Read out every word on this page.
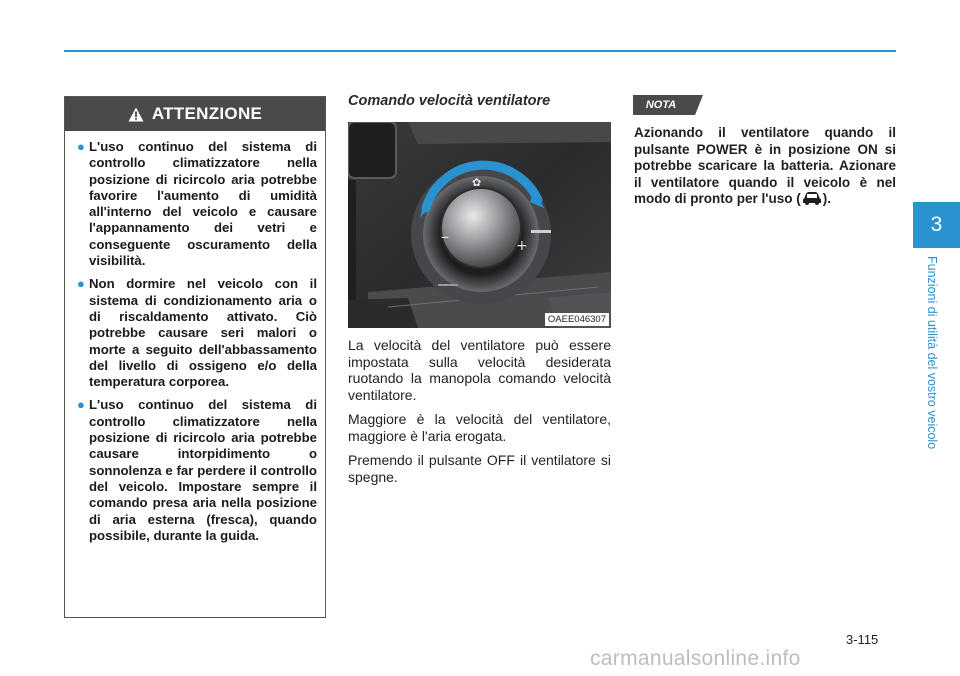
ATTENZIONE
● L'uso continuo del sistema di controllo climatizzatore nella posizione di ricircolo aria potrebbe favorire l'aumento di umidità all'interno del veicolo e causare l'appannamento dei vetri e conseguente oscuramento della visibilità.
● Non dormire nel veicolo con il sistema di condizionamento aria o di riscaldamento attivato. Ciò potrebbe causare seri malori o morte a seguito dell'abbassamento del livello di ossigeno e/o della temperatura corporea.
● L'uso continuo del sistema di controllo climatizzatore nella posizione di ricircolo aria potrebbe causare intorpidimento o sonnolenza e far perdere il controllo del veicolo. Impostare sempre il comando presa aria nella posizione di aria esterna (fresca), quando possibile, durante la guida.
Comando velocità ventilatore
–	+
✿
OAEE046307

La velocità del ventilatore può essere impostata sulla velocità desiderata ruotando la manopola comando velocità ventilatore.

Maggiore è la velocità del ventilatore, maggiore è l'aria erogata.

Premendo il pulsante OFF il ventilatore si spegne.

NOTA
Azionando il ventilatore quando il pulsante POWER è in posizione ON si potrebbe scaricare la batteria. Azionare il ventilatore quando il veicolo è nel modo di pronto per l'uso ( ).
3
Funzioni di utilità del vostro veicolo
3-115
carmanualsonline.info
